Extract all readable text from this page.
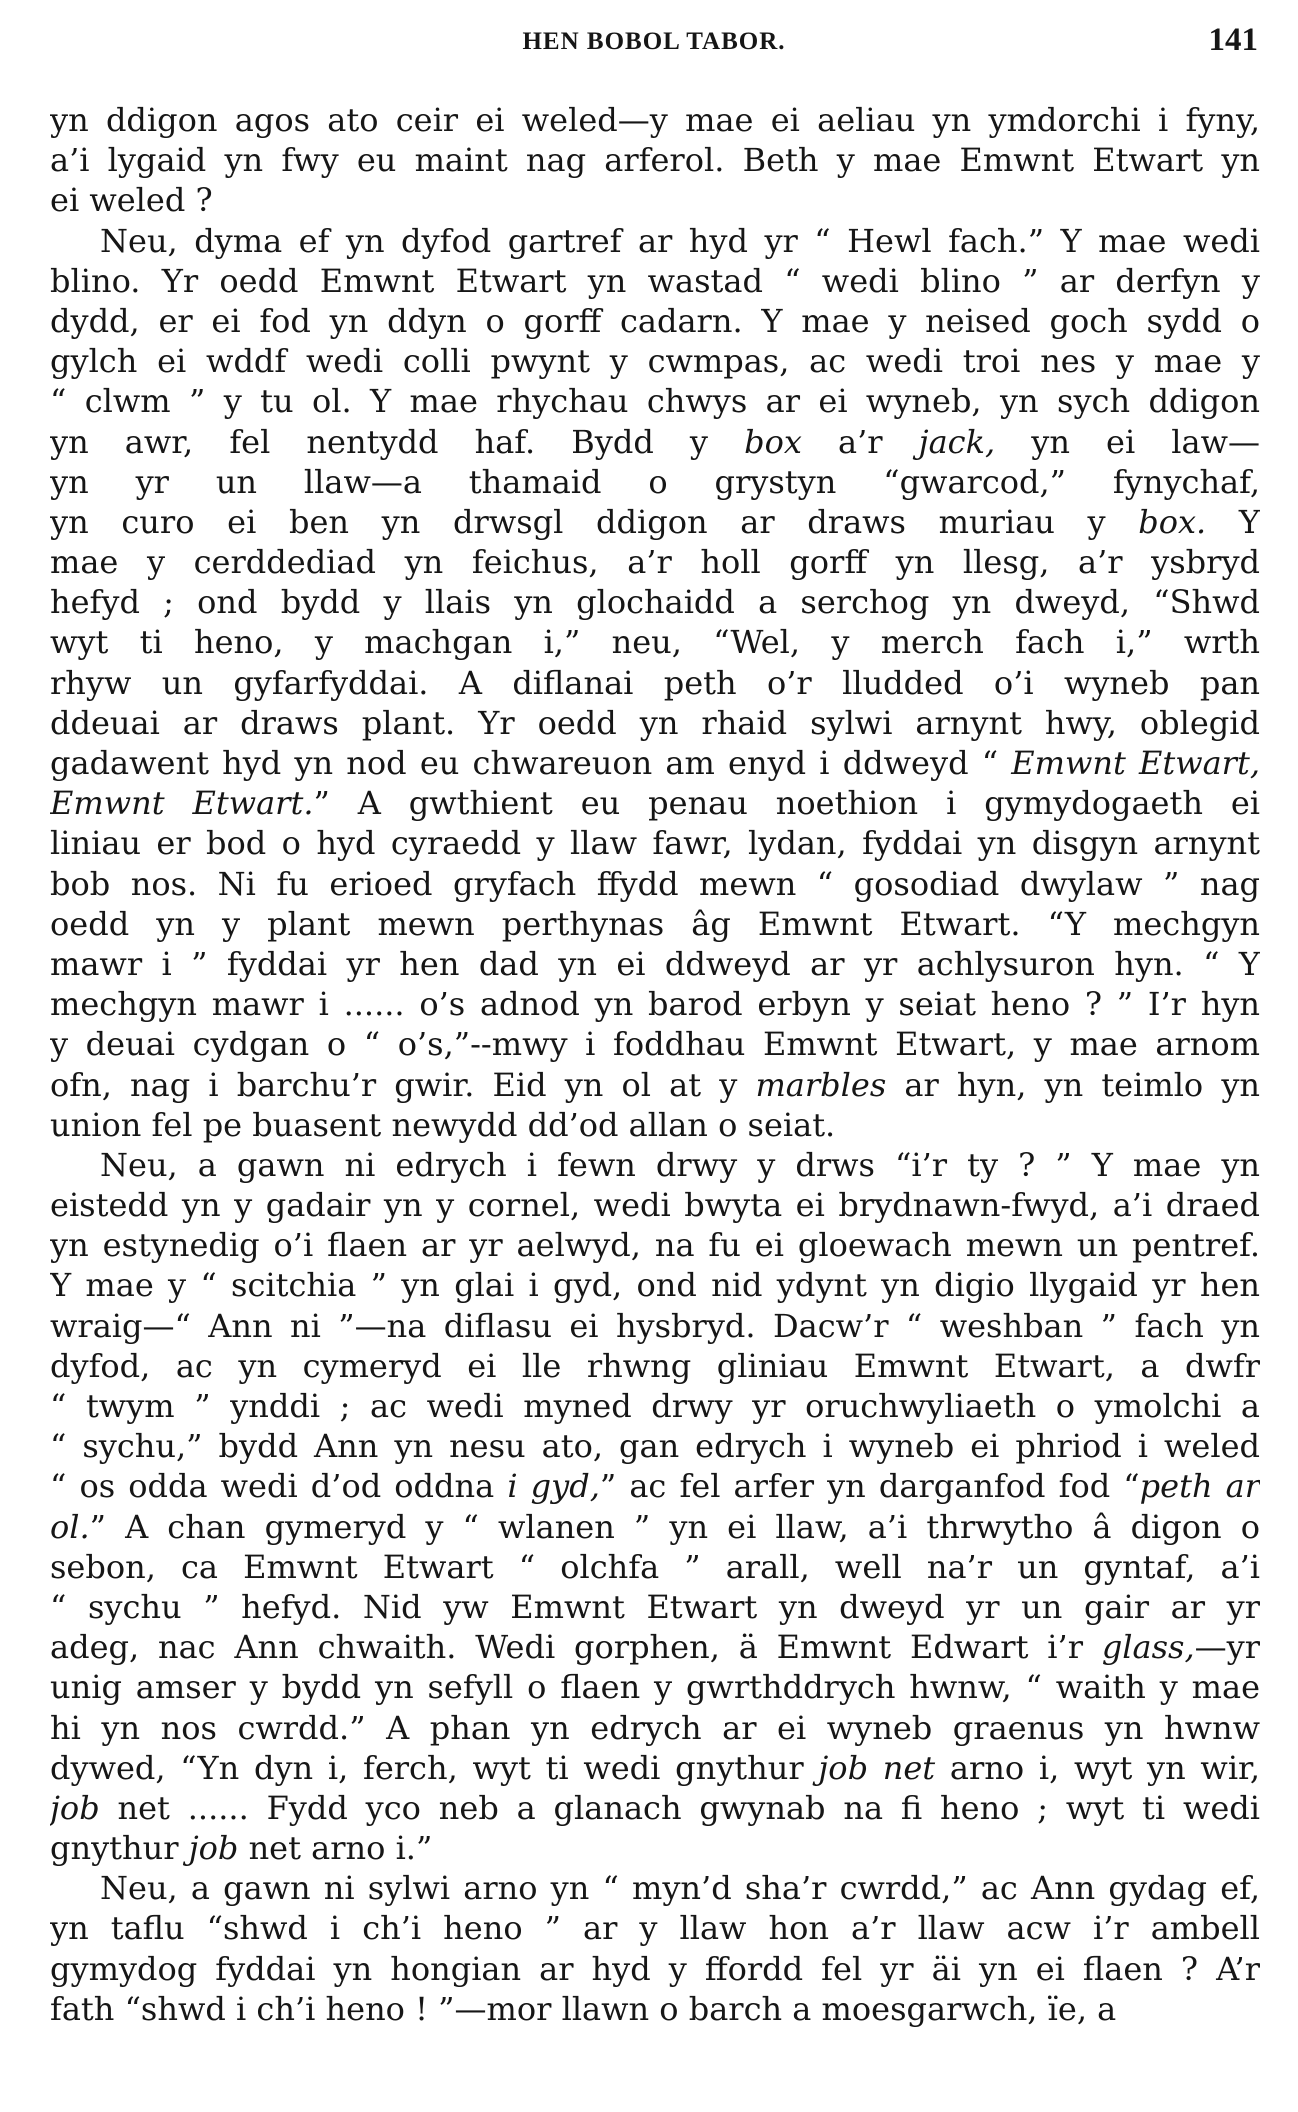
HEN BOBOL TABOR.	141
yn ddigon agos ato ceir ei weled—y mae ei aeliau yn ymdorchi i fyny,
a’i lygaid yn fwy eu maint nag arferol. Beth y mae Emwnt Etwart yn
ei weled ?
Neu, dyma ef yn dyfod gartref ar hyd yr “ Hewl fach.” Y mae wedi
blino. Yr oedd Emwnt Etwart yn wastad “ wedi blino ” ar derfyn y
dydd, er ei fod yn ddyn o gorff cadarn. Y mae y neised goch sydd o
gylch ei wddf wedi colli pwynt y cwmpas, ac wedi troi nes y mae y
“ clwm ” y tu ol. Y mae rhychau chwys ar ei wyneb, yn sych ddigon
yn awr, fel nentydd haf. Bydd y box a’r jack, yn ei law—
yn yr un llaw—a thamaid o grystyn “gwarcod,” fynychaf,
yn curo ei ben yn drwsgl ddigon ar draws muriau y box. Y
mae y cerddediad yn feichus, a’r holl gorff yn llesg, a’r ysbryd
hefyd ; ond bydd y llais yn glochaidd a serchog yn dweyd, “Shwd
wyt ti heno, y machgan i,” neu, “Wel, y merch fach i,” wrth
rhyw un gyfarfyddai. A diflanai peth o’r lludded o’i wyneb pan
ddeuai ar draws plant. Yr oedd yn rhaid sylwi arnynt hwy, oblegid
gadawent hyd yn nod eu chwareuon am enyd i ddweyd “ Emwnt Etwart,
Emwnt Etwart.” A gwthient eu penau noethion i gymydogaeth ei
liniau er bod o hyd cyraedd y llaw fawr, lydan, fyddai yn disgyn arnynt
bob nos. Ni fu erioed gryfach ffydd mewn “ gosodiad dwylaw ” nag
oedd yn y plant mewn perthynas âg Emwnt Etwart. “Y mechgyn
mawr i ” fyddai yr hen dad yn ei ddweyd ar yr achlysuron hyn. “ Y
mechgyn mawr i ...... o’s adnod yn barod erbyn y seiat heno ? ” I’r hyn
y deuai cydgan o “ o’s,”--mwy i foddhau Emwnt Etwart, y mae arnom
ofn, nag i barchu’r gwir. Eid yn ol at y marbles ar hyn, yn teimlo yn
union fel pe buasent newydd dd’od allan o seiat.
Neu, a gawn ni edrych i fewn drwy y drws “i’r ty ? ” Y mae yn
eistedd yn y gadair yn y cornel, wedi bwyta ei brydnawn-fwyd, a’i draed
yn estynedig o’i flaen ar yr aelwyd, na fu ei gloewach mewn un pentref.
Y mae y “ scitchia ” yn glai i gyd, ond nid ydynt yn digio llygaid yr hen
wraig—“ Ann ni ”—na diflasu ei hysbryd. Dacw’r “ weshban ” fach yn
dyfod, ac yn cymeryd ei lle rhwng gliniau Emwnt Etwart, a dwfr
“ twym ” ynddi ; ac wedi myned drwy yr oruchwyliaeth o ymolchi a
“ sychu,” bydd Ann yn nesu ato, gan edrych i wyneb ei phriod i weled
“ os odda wedi d’od oddna i gyd,” ac fel arfer yn darganfod fod “peth ar
ol.” A chan gymeryd y “ wlanen ” yn ei llaw, a’i thrwytho â digon o
sebon, ca Emwnt Etwart “ olchfa ” arall, well na’r un gyntaf, a’i
“ sychu ” hefyd. Nid yw Emwnt Etwart yn dweyd yr un gair ar yr
adeg, nac Ann chwaith. Wedi gorphen, ä Emwnt Edwart i’r glass,—yr
unig amser y bydd yn sefyll o flaen y gwrthddrych hwnw, “ waith y mae
hi yn nos cwrdd.” A phan yn edrych ar ei wyneb graenus yn hwnw
dywed, “Yn dyn i, ferch, wyt ti wedi gnythur job net arno i, wyt yn wir,
job net ...... Fydd yco neb a glanach gwynab na fi heno ; wyt ti wedi
gnythur job net arno i.”
Neu, a gawn ni sylwi arno yn “ myn’d sha’r cwrdd,” ac Ann gydag ef,
yn taflu “shwd i ch’i heno ” ar y llaw hon a’r llaw acw i’r ambell
gymydog fyddai yn hongian ar hyd y ffordd fel yr äi yn ei flaen ? A’r
fath “shwd i ch’i heno ! ”—mor llawn o barch a moesgarwch, ïe, a
